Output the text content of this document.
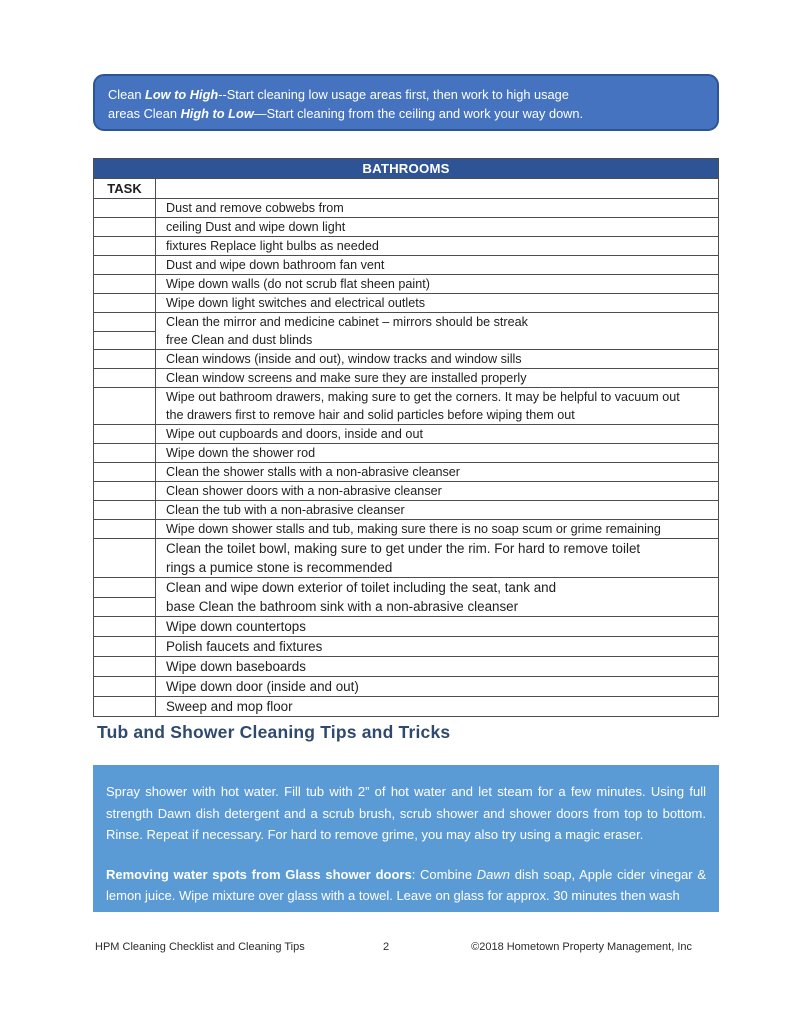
Clean Low to High--Start cleaning low usage areas first, then work to high usage
areas Clean High to Low—Start cleaning from the ceiling and work your way down.
BATHROOMS
TASK
Dust and remove cobwebs from
ceiling Dust and wipe down light
fixtures Replace light bulbs as needed
Dust and wipe down bathroom fan vent
Wipe down walls (do not scrub flat sheen paint)
Wipe down light switches and electrical outlets
Clean the mirror and medicine cabinet – mirrors should be streak
free Clean and dust blinds
Clean windows (inside and out), window tracks and window sills
Clean window screens and make sure they are installed properly
Wipe out bathroom drawers, making sure to get the corners. It may be helpful to vacuum out
the drawers first to remove hair and solid particles before wiping them out
Wipe out cupboards and doors, inside and out
Wipe down the shower rod
Clean the shower stalls with a non-abrasive cleanser
Clean shower doors with a non-abrasive cleanser
Clean the tub with a non-abrasive cleanser
Wipe down shower stalls and tub, making sure there is no soap scum or grime remaining
Clean the toilet bowl, making sure to get under the rim. For hard to remove toilet
rings a pumice stone is recommended
Clean and wipe down exterior of toilet including the seat, tank and
base Clean the bathroom sink with a non-abrasive cleanser
Wipe down countertops
Polish faucets and fixtures
Wipe down baseboards
Wipe down door (inside and out)
Sweep and mop floor
Tub and Shower Cleaning Tips and Tricks
Spray shower with hot water. Fill tub with 2” of hot water and let steam for a few minutes. Using full strength Dawn dish detergent and a scrub brush, scrub shower and shower doors from top to bottom. Rinse. Repeat if necessary. For hard to remove grime, you may also try using a magic eraser.
Removing water spots from Glass shower doors: Combine Dawn dish soap, Apple cider vinegar & lemon juice. Wipe mixture over glass with a towel. Leave on glass for approx. 30 minutes then wash
HPM Cleaning Checklist and Cleaning Tips	2	©2018 Hometown Property Management, Inc
